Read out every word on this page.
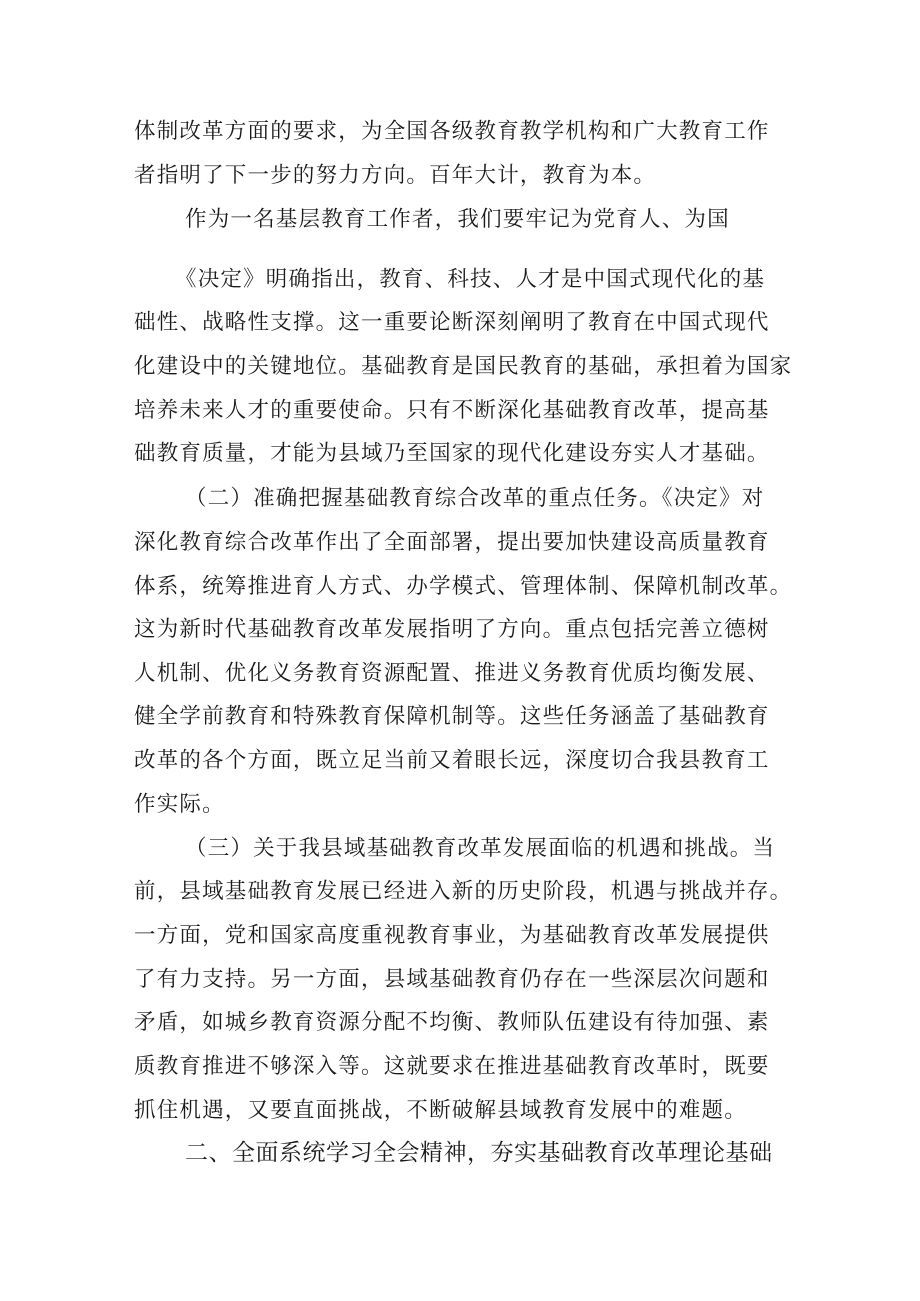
体制改革方面的要求，为全国各级教育教学机构和广大教育工作
者指明了下一步的努力方向。百年大计，教育为本。
作为一名基层教育工作者，我们要牢记为党育人、为国
《决定》明确指出，教育、科技、人才是中国式现代化的基
础性、战略性支撑。这一重要论断深刻阐明了教育在中国式现代
化建设中的关键地位。基础教育是国民教育的基础，承担着为国家
培养未来人才的重要使命。只有不断深化基础教育改革，提高基
础教育质量，才能为县域乃至国家的现代化建设夯实人才基础。
（二）准确把握基础教育综合改革的重点任务。《决定》对
深化教育综合改革作出了全面部署，提出要加快建设高质量教育
体系，统筹推进育人方式、办学模式、管理体制、保障机制改革。
这为新时代基础教育改革发展指明了方向。重点包括完善立德树
人机制、优化义务教育资源配置、推进义务教育优质均衡发展、
健全学前教育和特殊教育保障机制等。这些任务涵盖了基础教育
改革的各个方面，既立足当前又着眼长远，深度切合我县教育工
作实际。
（三）关于我县域基础教育改革发展面临的机遇和挑战。当
前，县域基础教育发展已经进入新的历史阶段，机遇与挑战并存。
一方面，党和国家高度重视教育事业，为基础教育改革发展提供
了有力支持。另一方面，县域基础教育仍存在一些深层次问题和
矛盾，如城乡教育资源分配不均衡、教师队伍建设有待加强、素
质教育推进不够深入等。这就要求在推进基础教育改革时，既要
抓住机遇，又要直面挑战，不断破解县域教育发展中的难题。
二、全面系统学习全会精神，夯实基础教育改革理论基础
